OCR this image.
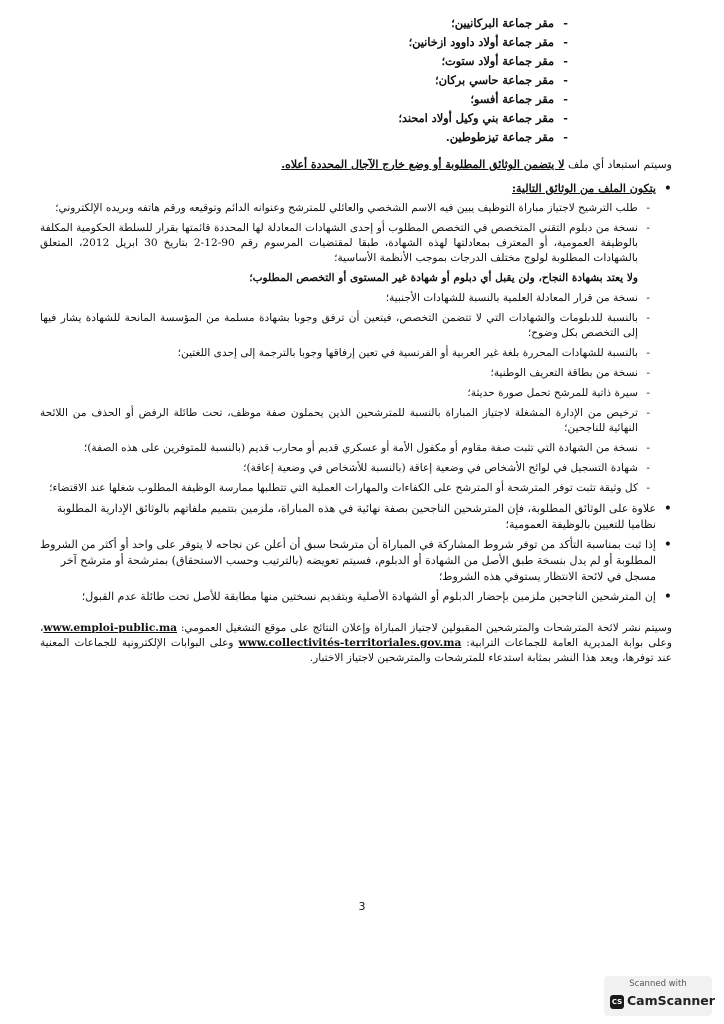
- مقر جماعة البركانيين؛
- مقر جماعة أولاد داوود ازخانين؛
- مقر جماعة أولاد ستوت؛
- مقر جماعة حاسي بركان؛
- مقر جماعة أفسو؛
- مقر جماعة بني وكيل أولاد امحند؛
- مقر جماعة تيزطوطين.

وسيتم استبعاد أي ملف لا يتضمن الوثائق المطلوبة أو وضع خارج الآجال المحددة أعلاه.

• يتكون الملف من الوثائق التالية:
- طلب الترشيح لاجتياز مباراة التوظيف يبين فيه الاسم الشخصي والعائلي للمترشح وعنوانه الدائم وتوقيعه ورقم هاتفه وبريده الإلكتروني؛
- نسخة من دبلوم التقني المتخصص في التخصص المطلوب أو إحدى الشهادات المعادلة لها المحددة قائمتها بقرار للسلطة الحكومية المكلفة بالوظيفة العمومية، أو المعترف بمعادلتها لهذه الشهادة، طبقا لمقتضيات المرسوم رقم 90-12-2 بتاريخ 30 ابريل 2012، المتعلق بالشهادات المطلوبة لولوج مختلف الدرجات بموجب الأنظمة الأساسية؛
ولا يعتد بشهادة النجاح، ولن يقبل أي دبلوم أو شهادة غير المستوى أو التخصص المطلوب؛
- نسخة من قرار المعادلة العلمية بالنسبة للشهادات الأجنبية؛
- بالنسبة للدبلومات والشهادات التي لا تتضمن التخصص، فيتعين أن ترفق وجوبا بشهادة مسلمة من المؤسسة المانحة للشهادة يشار فيها إلى التخصص بكل وضوح؛
- بالنسبة للشهادات المحررة بلغة غير العربية أو الفرنسية في تعين إرفاقها وجوبا بالترجمة إلى إحدى اللغتين؛
- نسخة من بطاقة التعريف الوطنية؛
- سيرة ذاتية للمرشح تحمل صورة حديثة؛
- ترخيص من الإدارة المشغلة لاجتياز المباراة بالنسبة للمترشحين الذين يحملون صفة موظف، تحت طائلة الرفض أو الحذف من اللائحة النهائية للناجحين؛
- نسخة من الشهادة التي تثبت صفة مقاوم أو مكفول الأمة أو عسكري قديم أو محارب قديم (بالنسبة للمتوفرين على هذه الصفة)؛
- شهادة التسجيل في لوائح الأشخاص في وضعية إعاقة (بالنسبة للأشخاص في وضعية إعاقة)؛
- كل وثيقة تثبت توفر المترشحة أو المترشح على الكفاءات والمهارات العملية التي تتطلبها ممارسة الوظيفة المطلوب شغلها عند الاقتضاء؛
• علاوة على الوثائق المطلوبة، فإن المترشحين الناجحين بصفة نهائية في هذه المباراة، ملزمين بتتميم ملفاتهم بالوثائق الإدارية المطلوبة نظاميا للتعيين بالوظيفة العمومية؛
• إذا ثبت بمناسبة التأكد من توفر شروط المشاركة في المباراة أن مترشحا سبق أن أعلن عن نجاحه لا يتوفر على واحد أو أكثر من الشروط المطلوبة أو لم يدل بنسخة طبق الأصل من الشهادة أو الدبلوم، فسيتم تعويضه (بالترتيب وحسب الاستحقاق) بمترشحة أو مترشح آخر مسجل في لائحة الانتظار يستوفي هذه الشروط؛
• إن المترشحين الناجحين ملزمين بإحضار الدبلوم أو الشهادة الأصلية وبتقديم نسختين منها مطابقة للأصل تحت طائلة عدم القبول؛

وسيتم نشر لائحة المترشحات والمترشحين المقبولين لاجتياز المباراة وإعلان النتائج على موقع التشغيل العمومي: www.emploi-public.ma، وعلى بوابة المديرية العامة للجماعات الترابية: www.collectivités-territoriales.gov.ma وعلى البوابات الإلكترونية للجماعات المعنية عند توفرها، ويعد هذا النشر بمثابة استدعاء للمترشحات والمترشحين لاجتياز الاختبار.

3
Scanned with
CS CamScanner
